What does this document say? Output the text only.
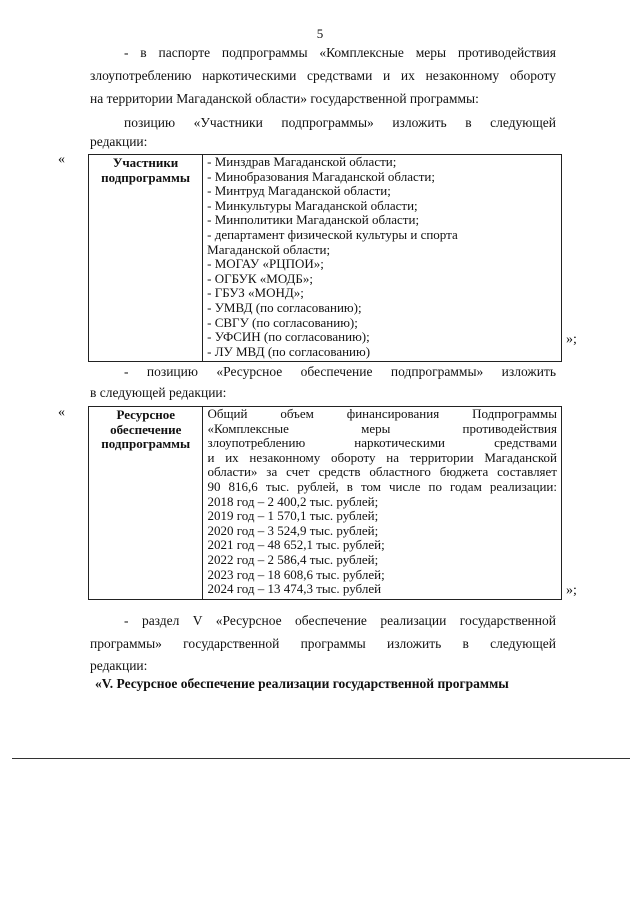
5
- в паспорте подпрограммы «Комплексные меры противодействия
злоупотреблению наркотическими средствами и их незаконному обороту
на территории Магаданской области» государственной программы:
позицию «Участники подпрограммы» изложить в следующей
редакции:
«	Участники
подпрограммы

- Минздрав Магаданской области;
- Минобразования Магаданской области;
- Минтруд Магаданской области;
- Минкультуры Магаданской области;
- Минполитики Магаданской области;
- департамент физической культуры и спорта
Магаданской области;
- МОГАУ «РЦПОИ»;
- ОГБУК «МОДБ»;
- ГБУЗ «МОНД»;
- УМВД (по согласованию);
- СВГУ (по согласованию);
- УФСИН (по согласованию);
- ЛУ МВД (по согласованию)
»;
- позицию «Ресурсное обеспечение подпрограммы» изложить
в следующей редакции:
«	Ресурсное
обеспечение
подпрограммы

Общий объем финансирования Подпрограммы
«Комплексные меры противодействия
злоупотреблению наркотическими средствами
и их незаконному обороту на территории Магаданской
области» за счет средств областного бюджета составляет
90 816,6 тыс. рублей, в том числе по годам реализации:
2018 год – 2 400,2 тыс. рублей;
2019 год – 1 570,1 тыс. рублей;
2020 год – 3 524,9 тыс. рублей;
2021 год – 48 652,1 тыс. рублей;
2022 год – 2 586,4 тыс. рублей;
2023 год – 18 608,6 тыс. рублей;
2024 год – 13 474,3 тыс. рублей	»;
- раздел V «Ресурсное обеспечение реализации государственной
программы» государственной программы изложить в следующей
редакции:
«V. Ресурсное обеспечение реализации государственной программы
